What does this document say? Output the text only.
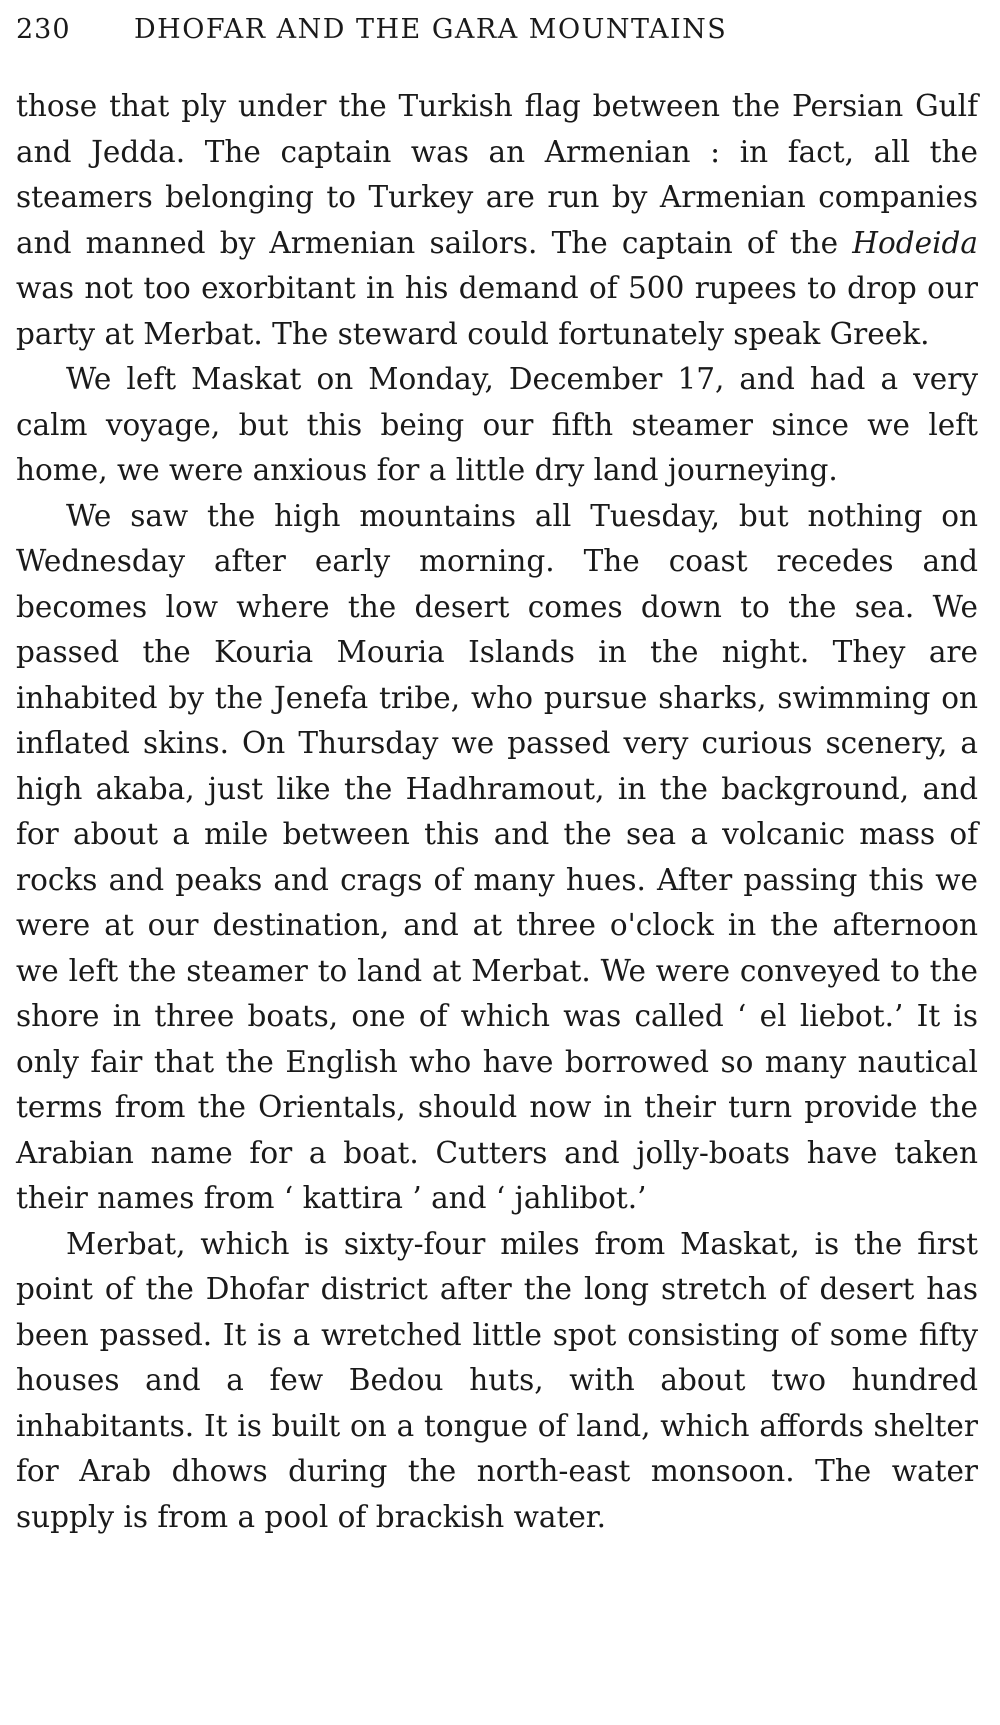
230	DHOFAR AND THE GARA MOUNTAINS

those that ply under the Turkish flag between the Persian Gulf and Jedda. The captain was an Armenian : in fact, all the steamers belonging to Turkey are run by Armenian companies and manned by Armenian sailors. The captain of the Hodeida was not too exorbitant in his demand of 500 rupees to drop our party at Merbat. The steward could fortunately speak Greek.

We left Maskat on Monday, December 17, and had a very calm voyage, but this being our fifth steamer since we left home, we were anxious for a little dry land journeying.

We saw the high mountains all Tuesday, but nothing on Wednesday after early morning. The coast recedes and becomes low where the desert comes down to the sea. We passed the Kouria Mouria Islands in the night. They are inhabited by the Jenefa tribe, who pursue sharks, swimming on inflated skins. On Thursday we passed very curious scenery, a high akaba, just like the Hadhramout, in the background, and for about a mile between this and the sea a volcanic mass of rocks and peaks and crags of many hues. After passing this we were at our destination, and at three o'clock in the afternoon we left the steamer to land at Merbat. We were conveyed to the shore in three boats, one of which was called ‘ el liebot.’ It is only fair that the English who have borrowed so many nautical terms from the Orientals, should now in their turn provide the Arabian name for a boat. Cutters and jolly-boats have taken their names from ‘ kattira ’ and ‘ jahlibot.’

Merbat, which is sixty-four miles from Maskat, is the first point of the Dhofar district after the long stretch of desert has been passed. It is a wretched little spot consisting of some fifty houses and a few Bedou huts, with about two hundred inhabitants. It is built on a tongue of land, which affords shelter for Arab dhows during the north-east monsoon. The water supply is from a pool of brackish water.
